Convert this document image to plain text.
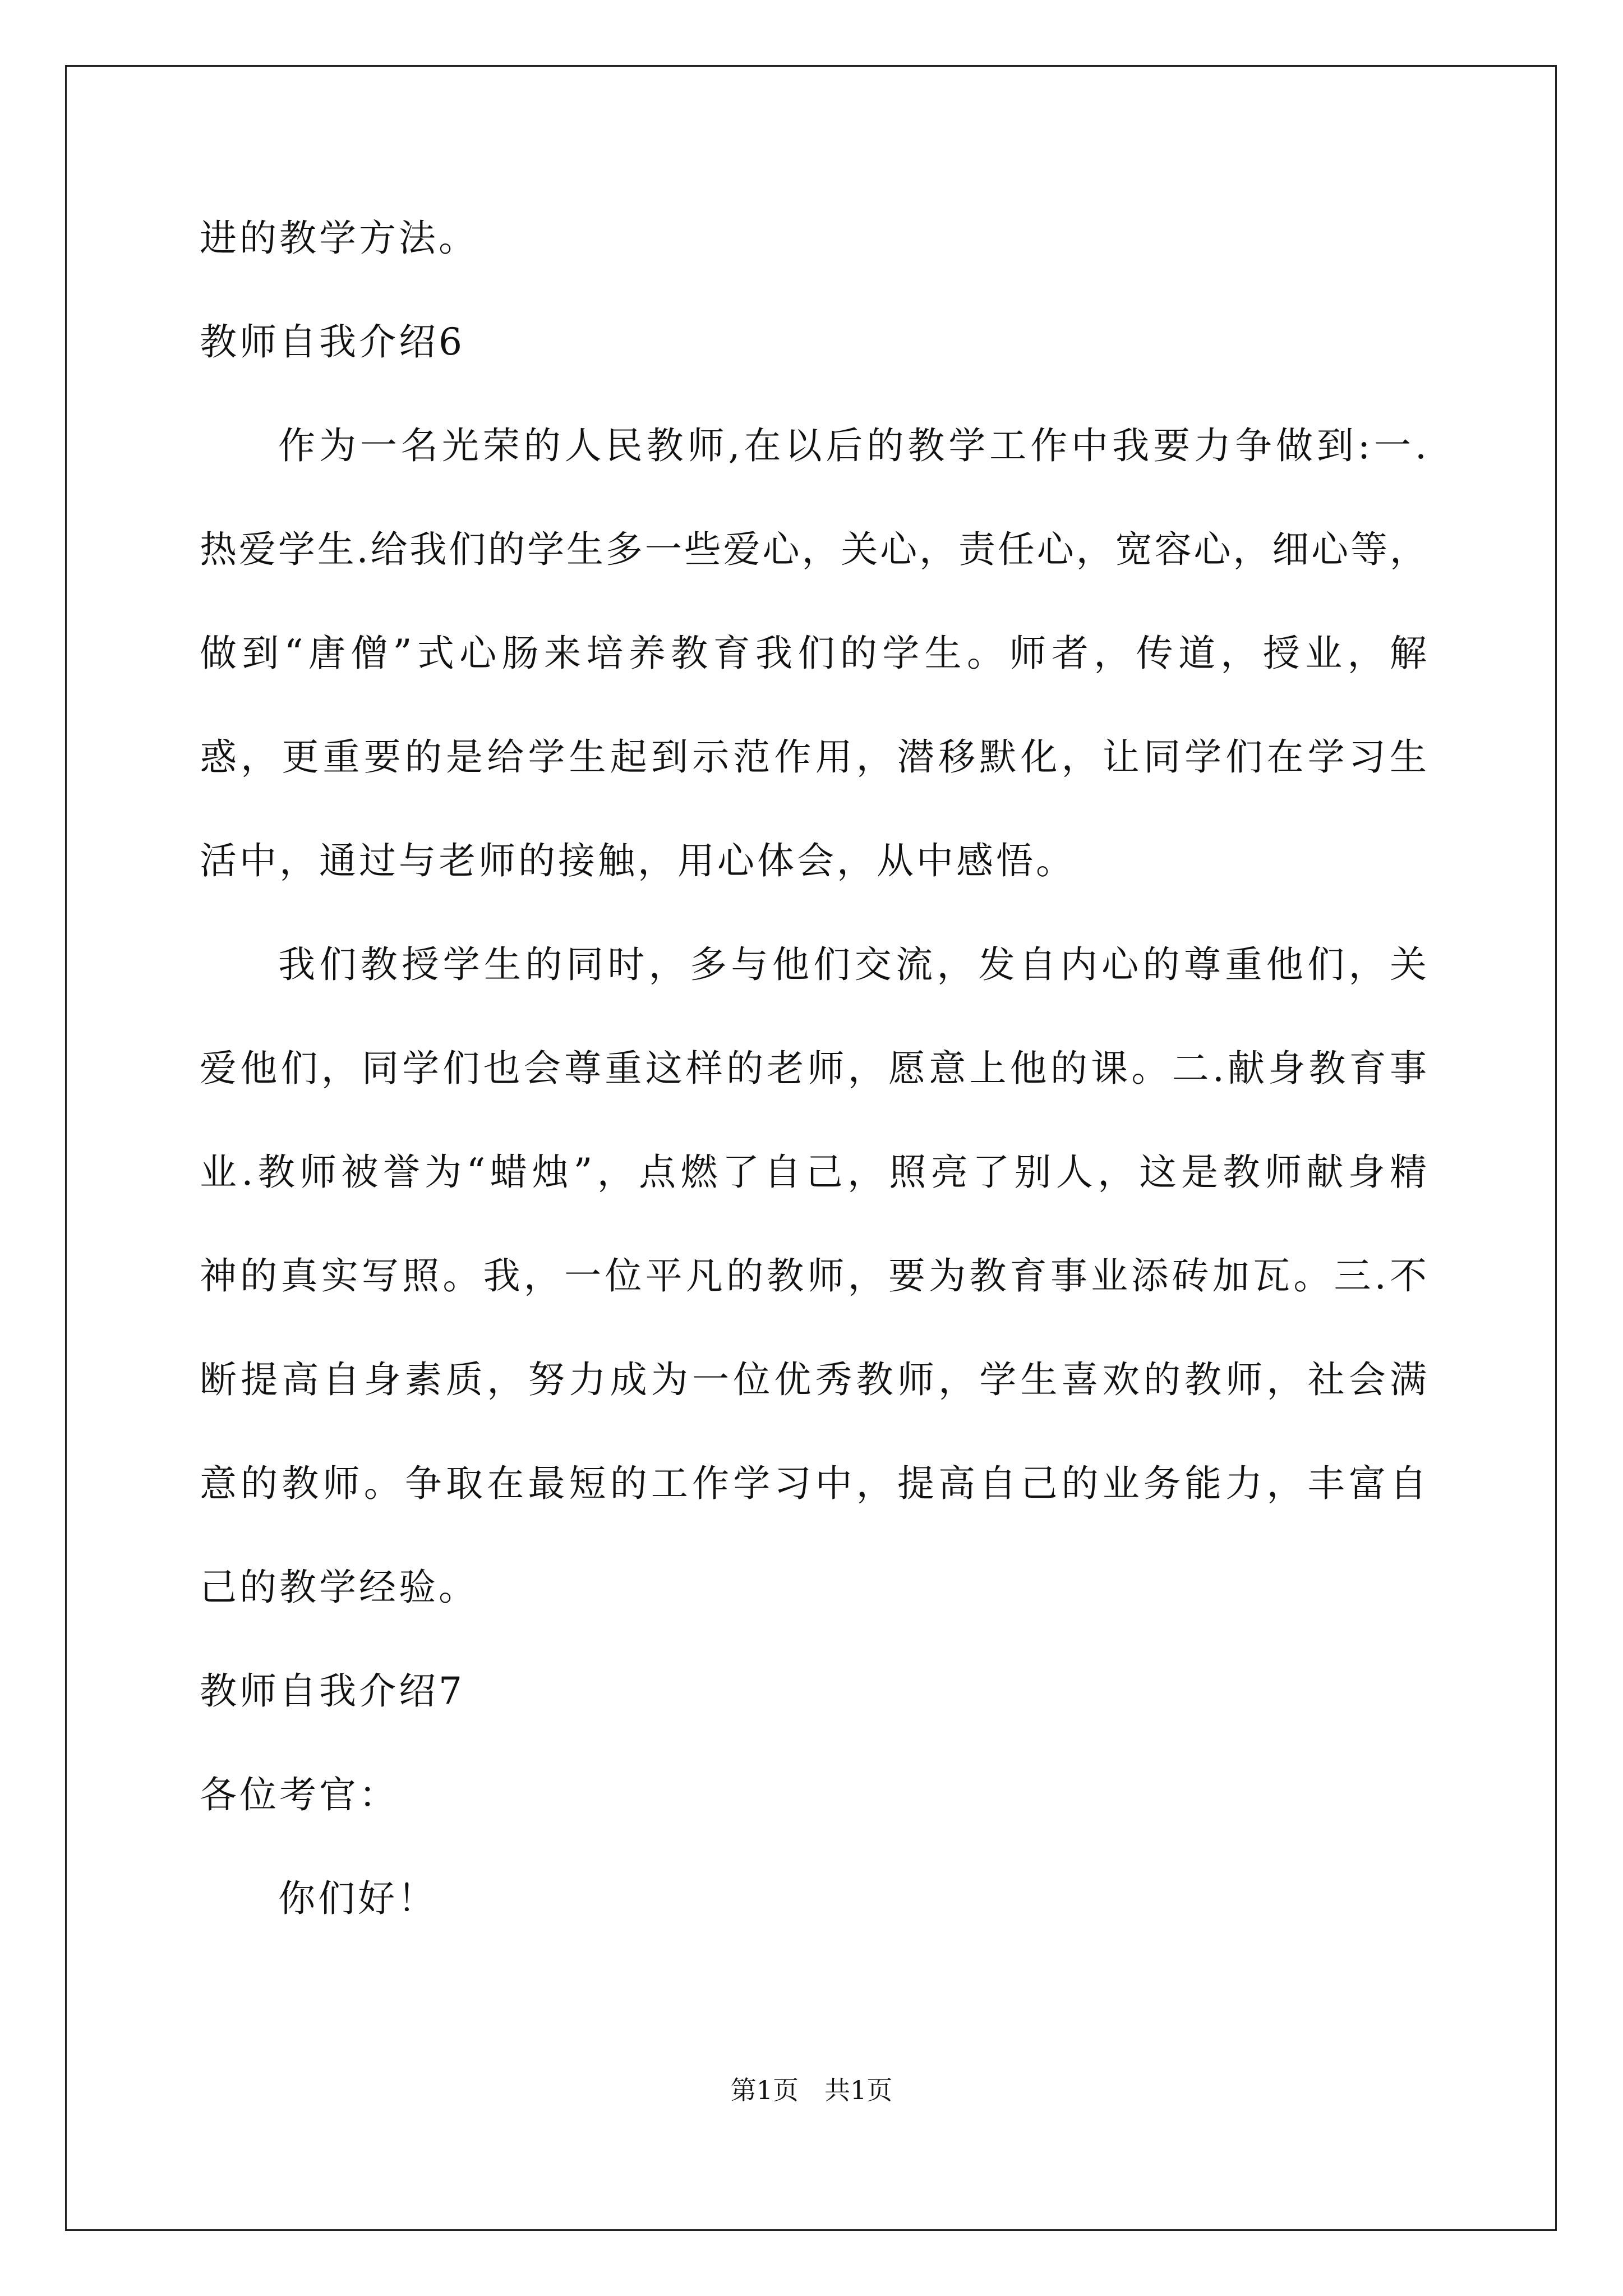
进的教学方法。
教师自我介绍6
作为一名光荣的人民教师,在以后的教学工作中我要力争做到:一.
热爱学生.给我们的学生多一些爱心，关心，责任心，宽容心，细心等，
做到“唐僧”式心肠来培养教育我们的学生。师者，传道，授业，解
惑，更重要的是给学生起到示范作用，潜移默化，让同学们在学习生
活中，通过与老师的接触，用心体会，从中感悟。
我们教授学生的同时，多与他们交流，发自内心的尊重他们，关
爱他们，同学们也会尊重这样的老师，愿意上他的课。二.献身教育事
业.教师被誉为“蜡烛”，点燃了自己，照亮了别人，这是教师献身精
神的真实写照。我，一位平凡的教师，要为教育事业添砖加瓦。三.不
断提高自身素质，努力成为一位优秀教师，学生喜欢的教师，社会满
意的教师。争取在最短的工作学习中，提高自己的业务能力，丰富自
己的教学经验。
教师自我介绍7
各位考官：
你们好！
第1页 共1页
